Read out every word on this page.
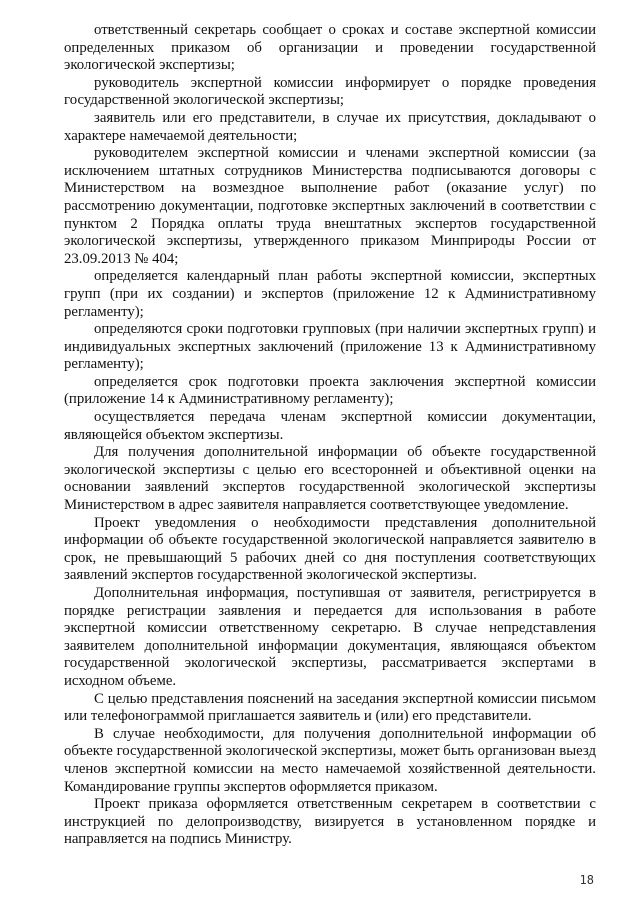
ответственный секретарь сообщает о сроках и составе экспертной комиссии определенных приказом об организации и проведении государственной экологической экспертизы;

руководитель экспертной комиссии информирует о порядке проведения государственной экологической экспертизы;

заявитель или его представители, в случае их присутствия, докладывают о характере намечаемой деятельности;

руководителем экспертной комиссии и членами экспертной комиссии (за исключением штатных сотрудников Министерства подписываются договоры с Министерством на возмездное выполнение работ (оказание услуг) по рассмотрению документации, подготовке экспертных заключений в соответствии с пунктом 2 Порядка оплаты труда внештатных экспертов государственной экологической экспертизы, утвержденного приказом Минприроды России от 23.09.2013 № 404;

определяется календарный план работы экспертной комиссии, экспертных групп (при их создании) и экспертов (приложение 12 к Административному регламенту);

определяются сроки подготовки групповых (при наличии экспертных групп) и индивидуальных экспертных заключений (приложение 13 к Административному регламенту);

определяется срок подготовки проекта заключения экспертной комиссии (приложение 14 к Административному регламенту);

осуществляется передача членам экспертной комиссии документации, являющейся объектом экспертизы.

Для получения дополнительной информации об объекте государственной экологической экспертизы с целью его всесторонней и объективной оценки на основании заявлений экспертов государственной экологической экспертизы Министерством в адрес заявителя направляется соответствующее уведомление.

Проект уведомления о необходимости представления дополнительной информации об объекте государственной экологической направляется заявителю в срок, не превышающий 5 рабочих дней со дня поступления соответствующих заявлений экспертов государственной экологической экспертизы.

Дополнительная информация, поступившая от заявителя, регистрируется в порядке регистрации заявления и передается для использования в работе экспертной комиссии ответственному секретарю. В случае непредставления заявителем дополнительной информации документация, являющаяся объектом государственной экологической экспертизы, рассматривается экспертами в исходном объеме.

С целью представления пояснений на заседания экспертной комиссии письмом или телефонограммой приглашается заявитель и (или) его представители.

В случае необходимости, для получения дополнительной информации об объекте государственной экологической экспертизы, может быть организован выезд членов экспертной комиссии на место намечаемой хозяйственной деятельности. Командирование группы экспертов оформляется приказом.

Проект приказа оформляется ответственным секретарем в соответствии с инструкцией по делопроизводству, визируется в установленном порядке и направляется на подпись Министру.

18
